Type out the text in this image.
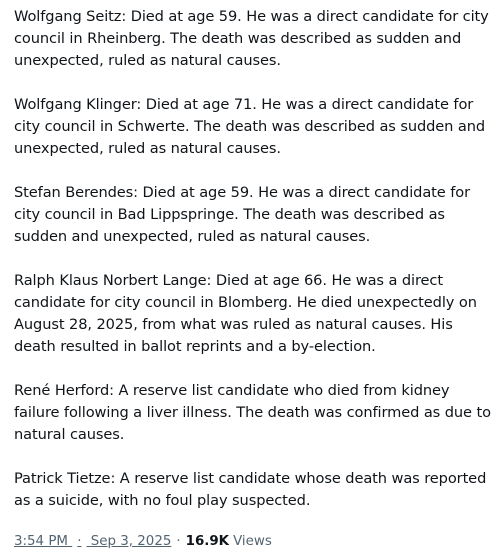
Wolfgang Seitz: Died at age 59. He was a direct candidate for city council in Rheinberg. The death was described as sudden and unexpected, ruled as natural causes.

Wolfgang Klinger: Died at age 71. He was a direct candidate for city council in Schwerte. The death was described as sudden and unexpected, ruled as natural causes.

Stefan Berendes: Died at age 59. He was a direct candidate for city council in Bad Lippspringe. The death was described as sudden and unexpected, ruled as natural causes.

Ralph Klaus Norbert Lange: Died at age 66. He was a direct candidate for city council in Blomberg. He died unexpectedly on August 28, 2025, from what was ruled as natural causes. His death resulted in ballot reprints and a by-election.

René Herford: A reserve list candidate who died from kidney failure following a liver illness. The death was confirmed as due to natural causes.

Patrick Tietze: A reserve list candidate whose death was reported as a suicide, with no foul play suspected.

3:54 PM · Sep 3, 2025 · 16.9K Views
